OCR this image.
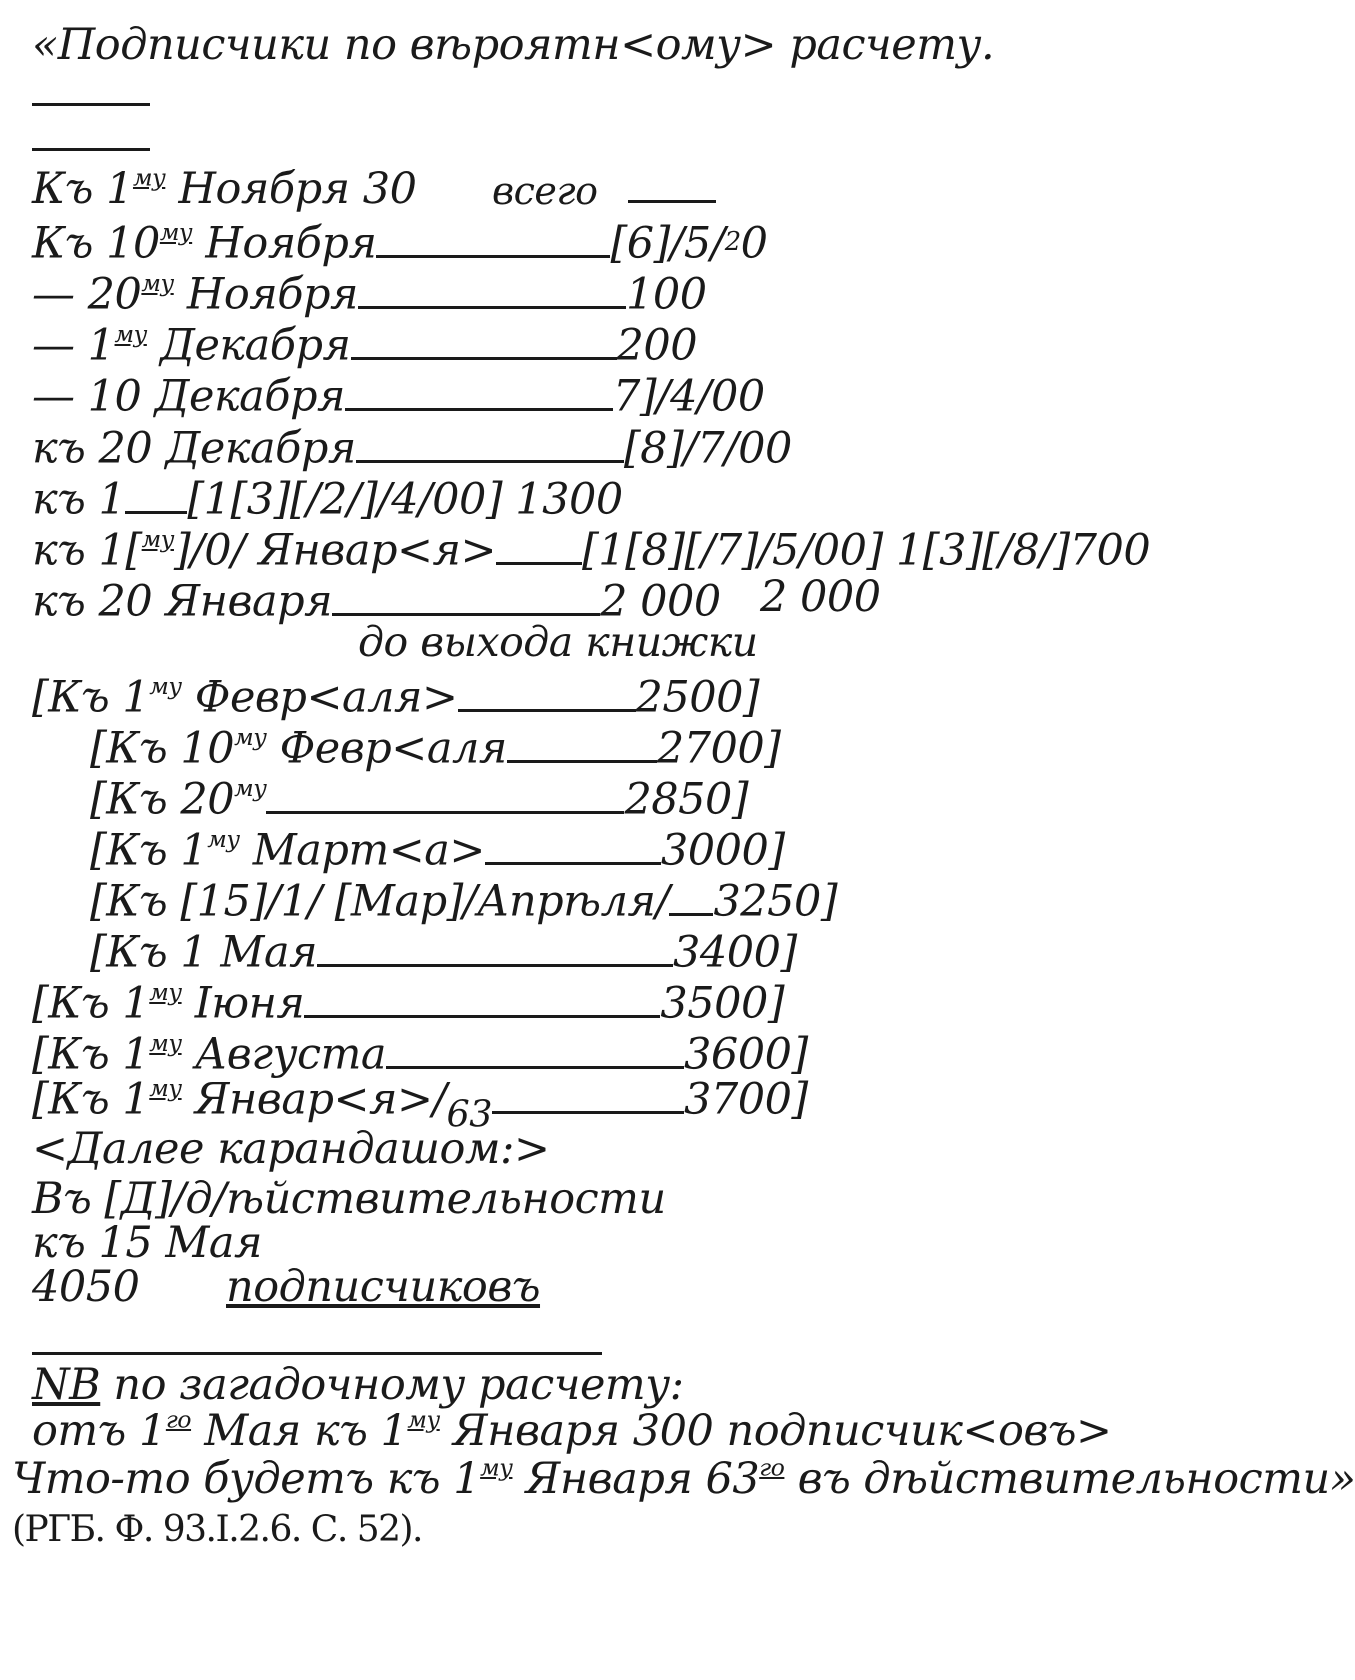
«Подписчики по вѣроятн<ому> расчету.
Къ $1^{му}$ Ноября 30 всего
Къ $10^{му}$ Ноября	[6]/5/20
— $20^{му}$ Ноября	100
— $1^{му}$ Декабря	200
— 10 Декабря	7]/4/00
къ 20 Декабря	[8]/7/00
къ 1 [1[3][/2/]/4/00] 1300
къ 1[$^{му}$]/0/ Январ<я> [1[8][/7]/5/00] 1[3][/8/]700
къ 20 Января	2 000 2 000
до выхода книжки
[Къ $1^{му}$ Февр<аля>	2500]
[Къ $10^{му}$ Февр<аля	2700]
[Къ $20^{му}$	2850]
[Къ $1^{му}$ Март<а>	3000]
[Къ [15]/1/ [Мар]/Апрѣля/ 3250]
[Къ 1 Мая	3400]
[Къ $1^{му}$ Іюня	3500]
[Къ $1^{му}$ Августа	3600]
[Къ $1^{му}$ $Январ<я>/_{63}$	3700]
<Далее карандашом:>
Въ [Д]/д/ѣйствительности
къ 15 Мая
4050 подписчиковъ
NB по загадочному расчету:
отъ $1^{го}$ Мая къ $1^{му}$ Января 300 подписчик<овъ>
Что-то будетъ къ $1^{му}$ Января $63^{го}$ въ дѣйствительности»
(РГБ. Ф. 93.I.2.6. С. 52).
